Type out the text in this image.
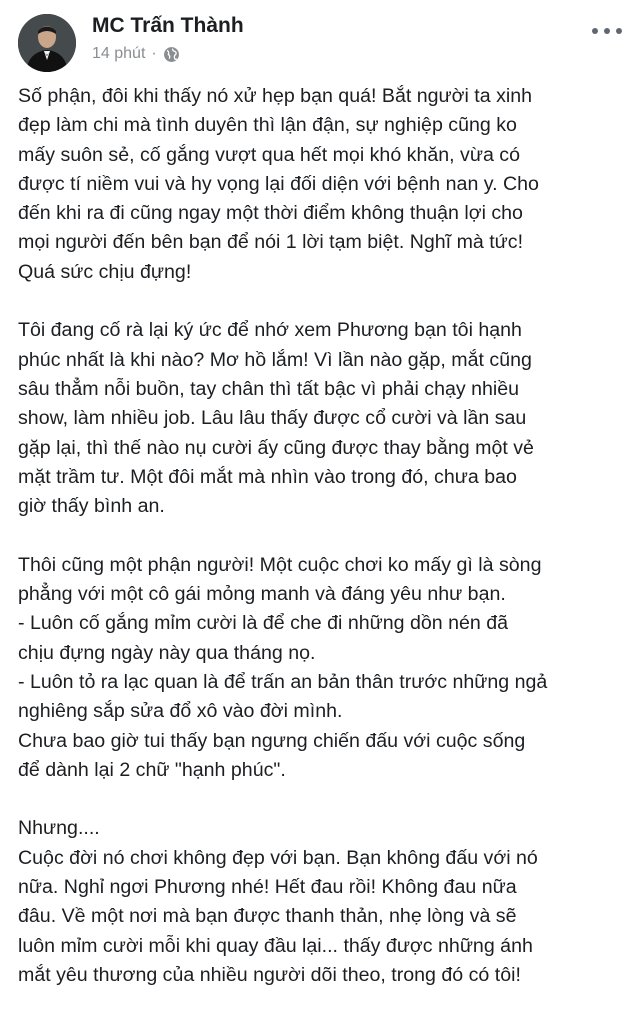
MC Trấn Thành
14 phút ·
Số phận, đôi khi thấy nó xử hẹp bạn quá! Bắt người ta xinh
đẹp làm chi mà tình duyên thì lận đận, sự nghiệp cũng ko
mấy suôn sẻ, cố gắng vượt qua hết mọi khó khăn, vừa có
được tí niềm vui và hy vọng lại đối diện với bệnh nan y. Cho
đến khi ra đi cũng ngay một thời điểm không thuận lợi cho
mọi người đến bên bạn để nói 1 lời tạm biệt. Nghĩ mà tức!
Quá sức chịu đựng!
Tôi đang cố rà lại ký ức để nhớ xem Phương bạn tôi hạnh
phúc nhất là khi nào? Mơ hồ lắm! Vì lần nào gặp, mắt cũng
sâu thẳm nỗi buồn, tay chân thì tất bậc vì phải chạy nhiều
show, làm nhiều job. Lâu lâu thấy được cổ cười và lần sau
gặp lại, thì thế nào nụ cười ấy cũng được thay bằng một vẻ
mặt trầm tư. Một đôi mắt mà nhìn vào trong đó, chưa bao
giờ thấy bình an.
Thôi cũng một phận người! Một cuộc chơi ko mấy gì là sòng
phẳng với một cô gái mỏng manh và đáng yêu như bạn.
- Luôn cố gắng mỉm cười là để che đi những dồn nén đã
chịu đựng ngày này qua tháng nọ.
- Luôn tỏ ra lạc quan là để trấn an bản thân trước những ngả
nghiêng sắp sửa đổ xô vào đời mình.
Chưa bao giờ tui thấy bạn ngưng chiến đấu với cuộc sống
để dành lại 2 chữ "hạnh phúc".
Nhưng....
Cuộc đời nó chơi không đẹp với bạn. Bạn không đấu với nó
nữa. Nghỉ ngơi Phương nhé! Hết đau rồi! Không đau nữa
đâu. Về một nơi mà bạn được thanh thản, nhẹ lòng và sẽ
luôn mỉm cười mỗi khi quay đầu lại... thấy được những ánh
mắt yêu thương của nhiều người dõi theo, trong đó có tôi!
